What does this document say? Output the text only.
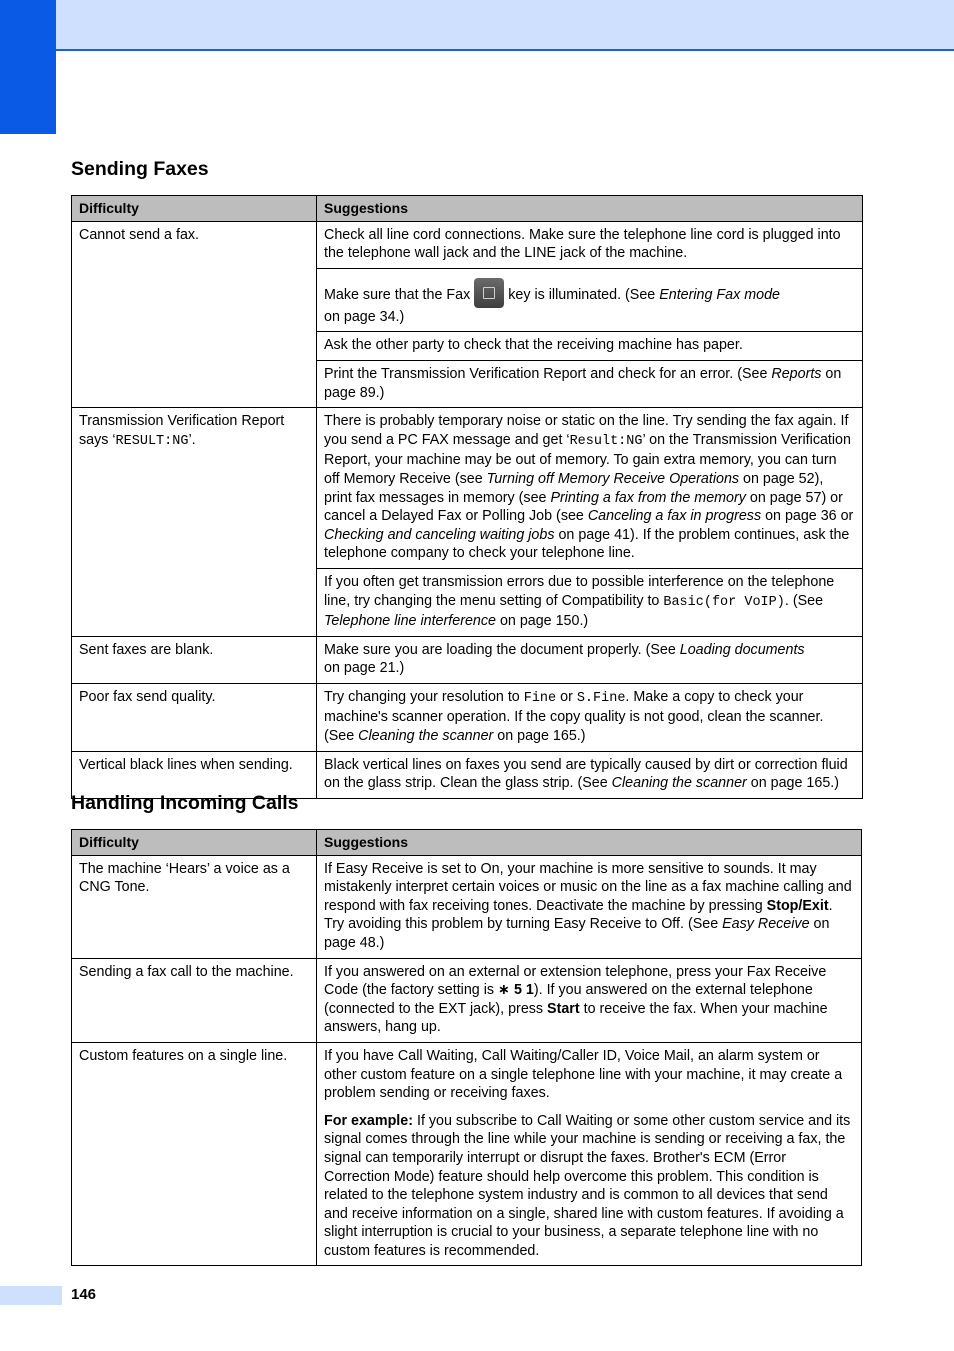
Sending Faxes
Difficulty	Suggestions
Cannot send a fax.	Check all line cord connections. Make sure the telephone line cord is plugged into the telephone wall jack and the LINE jack of the machine.
	Make sure that the Fax key is illuminated. (See Entering Fax mode
on page 34.)
	Ask the other party to check that the receiving machine has paper.
	Print the Transmission Verification Report and check for an error. (See Reports on page 89.)
Transmission Verification Report says ‘RESULT:NG’.	There is probably temporary noise or static on the line. Try sending the fax again. If you send a PC FAX message and get ‘Result:NG’ on the Transmission Verification Report, your machine may be out of memory. To gain extra memory, you can turn off Memory Receive (see Turning off Memory Receive Operations on page 52), print fax messages in memory (see Printing a fax from the memory on page 57) or cancel a Delayed Fax or Polling Job (see Canceling a fax in progress on page 36 or Checking and canceling waiting jobs on page 41). If the problem continues, ask the telephone company to check your telephone line.
	If you often get transmission errors due to possible interference on the telephone line, try changing the menu setting of Compatibility to Basic(for VoIP). (See Telephone line interference on page 150.)
Sent faxes are blank.	Make sure you are loading the document properly. (See Loading documents
on page 21.)
Poor fax send quality.	Try changing your resolution to Fine or S.Fine. Make a copy to check your machine's scanner operation. If the copy quality is not good, clean the scanner. (See Cleaning the scanner on page 165.)
Vertical black lines when sending.	Black vertical lines on faxes you send are typically caused by dirt or correction fluid on the glass strip. Clean the glass strip. (See Cleaning the scanner on page 165.)
Handling Incoming Calls
Difficulty	Suggestions
The machine ‘Hears’ a voice as a CNG Tone.	If Easy Receive is set to On, your machine is more sensitive to sounds. It may mistakenly interpret certain voices or music on the line as a fax machine calling and respond with fax receiving tones. Deactivate the machine by pressing Stop/Exit. Try avoiding this problem by turning Easy Receive to Off. (See Easy Receive on page 48.)
Sending a fax call to the machine.	If you answered on an external or extension telephone, press your Fax Receive Code (the factory setting is ∗ 5 1). If you answered on the external telephone (connected to the EXT jack), press Start to receive the fax. When your machine answers, hang up.
Custom features on a single line.	If you have Call Waiting, Call Waiting/Caller ID, Voice Mail, an alarm system or other custom feature on a single telephone line with your machine, it may create a problem sending or receiving faxes.

For example: If you subscribe to Call Waiting or some other custom service and its signal comes through the line while your machine is sending or receiving a fax, the signal can temporarily interrupt or disrupt the faxes. Brother's ECM (Error Correction Mode) feature should help overcome this problem. This condition is related to the telephone system industry and is common to all devices that send and receive information on a single, shared line with custom features. If avoiding a slight interruption is crucial to your business, a separate telephone line with no custom features is recommended.

146
